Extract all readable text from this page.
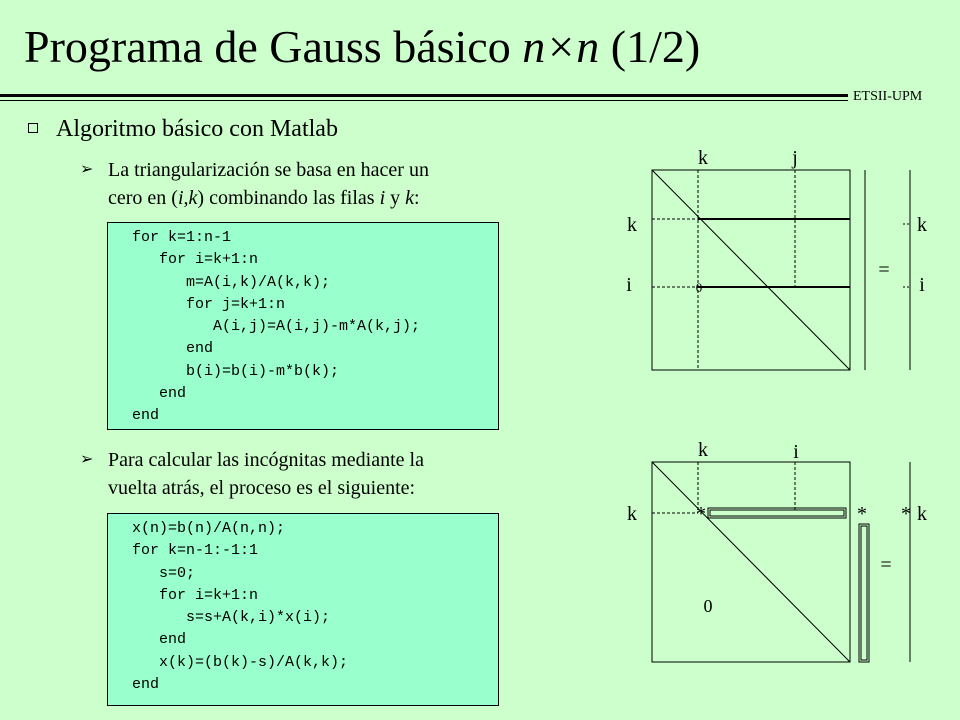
Programa de Gauss básico n×n (1/2)
ETSII-UPM
Algoritmo básico con Matlab
➢ La triangularización se basa en hacer un
cero en (i,k) combinando las filas i y k:
for k=1:n-1
for i=k+1:n
m=A(i,k)/A(k,k);
for j=k+1:n
A(i,j)=A(i,j)-m*A(k,j);
end
b(i)=b(i)-m*b(k);
end
end
➢ Para calcular las incógnitas mediante la
vuelta atrás, el proceso es el siguiente:
x(n)=b(n)/A(n,n);
for k=n-1:-1:1
s=0;
for i=k+1:n
s=s+A(k,i)*x(i);
end
x(k)=(b(k)-s)/A(k,k);
end
k	j
k
i	0
=
k
i
k	i
k	*	* * k
=
0
